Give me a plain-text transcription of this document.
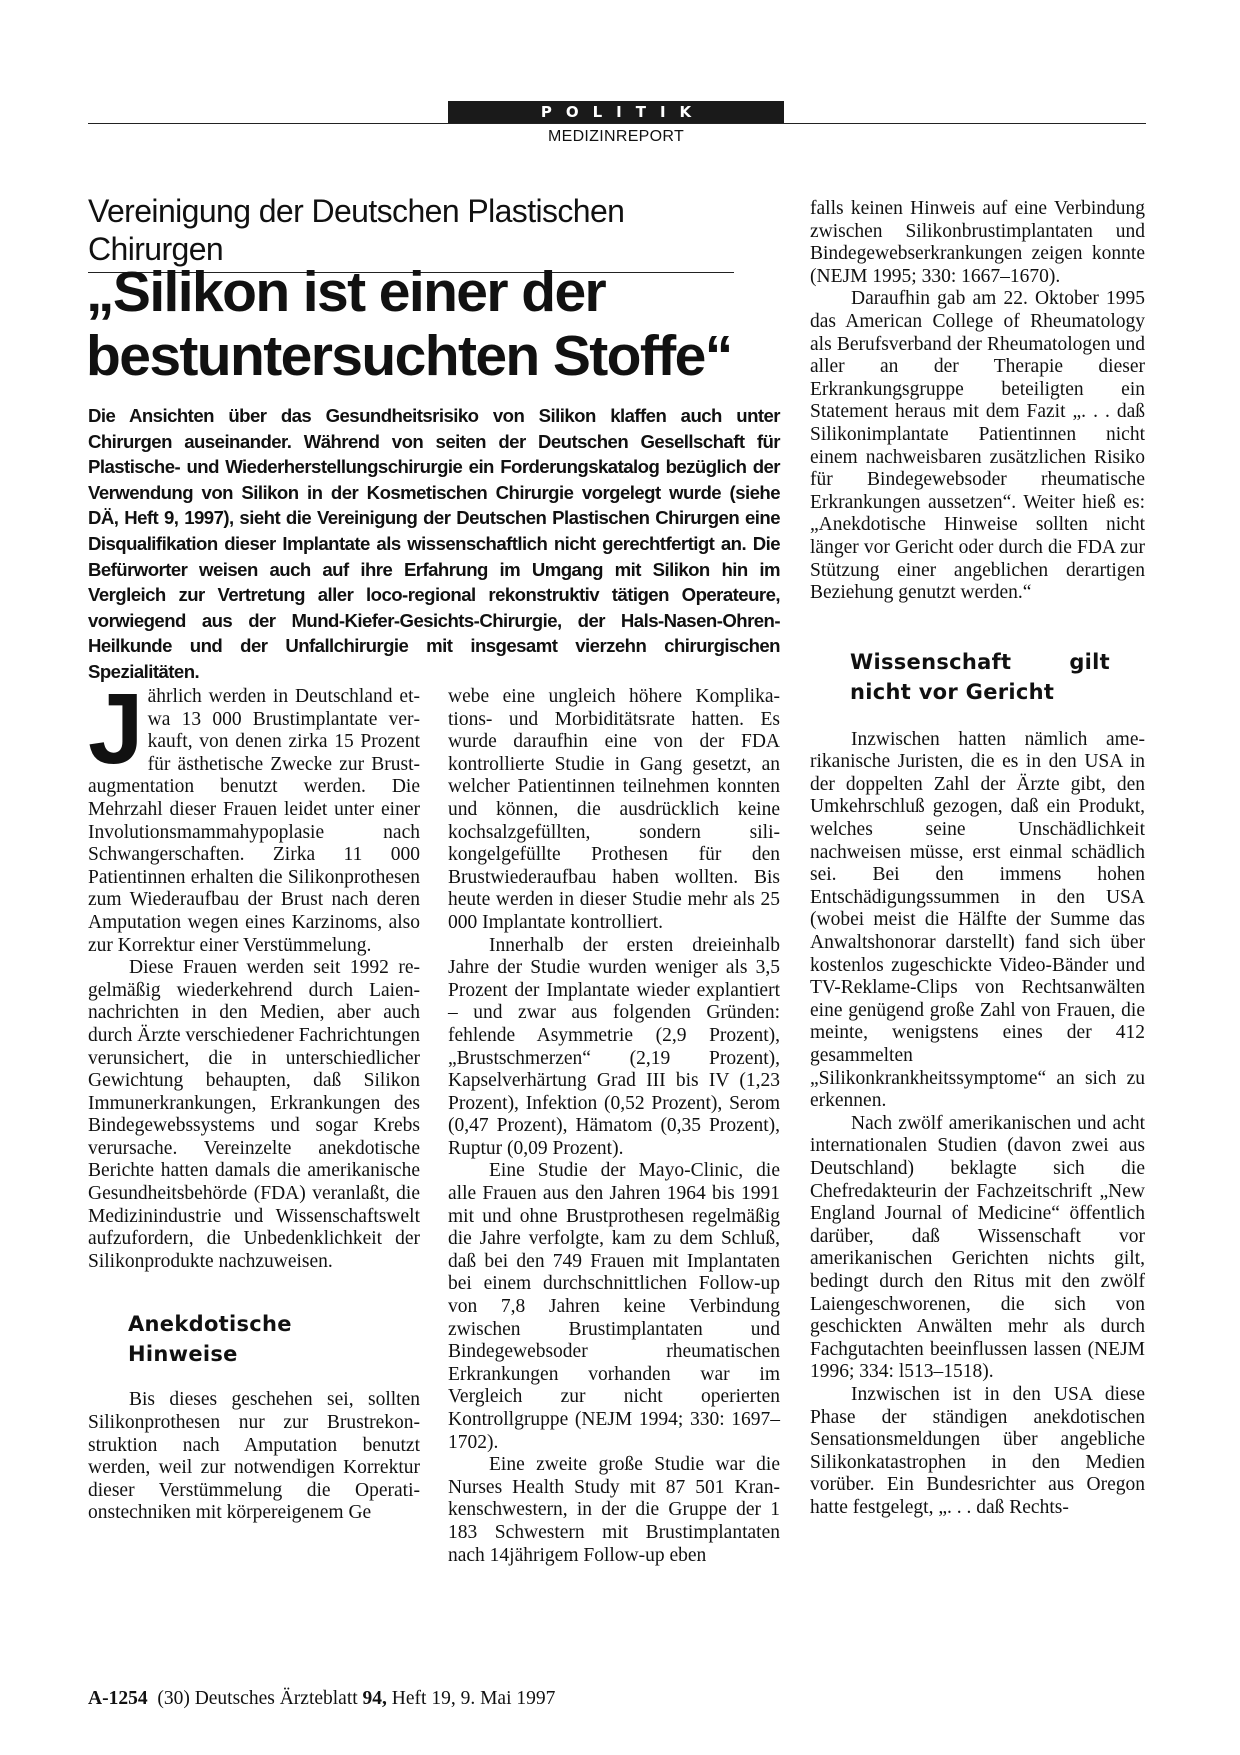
POLITIK
MEDIZINREPORT
Vereinigung der Deutschen Plastischen Chirurgen
„Silikon ist einer der bestuntersuchten Stoffe“

Die Ansichten über das Gesundheitsrisiko von Silikon klaffen auch unter Chirurgen auseinander. Während von seiten der Deutschen Gesellschaft für Plastische- und Wiederherstellungschirurgie ein Forderungskatalog bezüglich der Verwendung von Silikon in der Kosmetischen Chirurgie vorgelegt wurde (siehe DÄ, Heft 9, 1997), sieht die Vereinigung der Deutschen Plastischen Chirurgen eine Disqualifikation dieser Implantate als wissenschaftlich nicht gerechtfertigt an. Die Befürworter weisen auch auf ihre Erfahrung im Umgang mit Silikon hin im Vergleich zur Vertretung aller loco-regional rekonstruktiv tätigen Operateure, vorwiegend aus der Mund-Kiefer-Gesichts-Chirurgie, der Hals-Nasen-Ohren-Heilkunde und der Unfallchirurgie mit insgesamt vierzehn chirurgischen Spezialitäten.

J ährlich werden in Deutschland etwa 13 000 Brustimplantate verkauft, von denen zirka 15 Prozent für ästhetische Zwecke zur Brustaugmentation benutzt werden. Die Mehrzahl dieser Frauen leidet unter einer Involutionsmammahypoplasie nach Schwangerschaften. Zirka 11 000 Patientinnen erhalten die Silikonprothesen zum Wiederaufbau der Brust nach deren Amputation wegen eines Karzinoms, also zur Korrektur einer Verstümmelung.

Diese Frauen werden seit 1992 regelmäßig wiederkehrend durch Laiennachrichten in den Medien, aber auch durch Ärzte verschiedener Fachrichtungen verunsichert, die in unterschiedlicher Gewichtung behaupten, daß Silikon Immunerkrankungen, Erkrankungen des Bindegewebssystems und sogar Krebs verursache. Vereinzelte anekdotische Berichte hatten damals die amerikanische Gesundheitsbehörde (FDA) veranlaßt, die Medizinindustrie und Wissenschaftswelt aufzufordern, die Unbedenklichkeit der Silikonprodukte nachzuweisen.

Anekdotische Hinweise

Bis dieses geschehen sei, sollten Silikonprothesen nur zur Brustrekonstruktion nach Amputation benutzt werden, weil zur notwendigen Korrektur dieser Verstümmelung die Operationstechniken mit körpereigenem Ge

webe eine ungleich höhere Komplikations- und Morbiditätsrate hatten. Es wurde daraufhin eine von der FDA kontrollierte Studie in Gang gesetzt, an welcher Patientinnen teilnehmen konnten und können, die ausdrücklich keine kochsalzgefüllten, sondern silikongelgefüllte Prothesen für den Brustwiederaufbau haben wollten. Bis heute werden in dieser Studie mehr als 25 000 Implantate kontrolliert.

Innerhalb der ersten dreieinhalb Jahre der Studie wurden weniger als 3,5 Prozent der Implantate wieder explantiert – und zwar aus folgenden Gründen: fehlende Asymmetrie (2,9 Prozent), „Brustschmerzen“ (2,19 Prozent), Kapselverhärtung Grad III bis IV (1,23 Prozent), Infektion (0,52 Prozent), Serom (0,47 Prozent), Hämatom (0,35 Prozent), Ruptur (0,09 Prozent).

Eine Studie der Mayo-Clinic, die alle Frauen aus den Jahren 1964 bis 1991 mit und ohne Brustprothesen regelmäßig die Jahre verfolgte, kam zu dem Schluß, daß bei den 749 Frauen mit Implantaten bei einem durchschnittlichen Follow-up von 7,8 Jahren keine Verbindung zwischen Brustimplantaten und Bindegewebsoder rheumatischen Erkrankungen vorhanden war im Vergleich zur nicht operierten Kontrollgruppe (NEJM 1994; 330: 1697–1702).

Eine zweite große Studie war die Nurses Health Study mit 87 501 Krankenschwestern, in der die Gruppe der 1 183 Schwestern mit Brustimplantaten nach 14jährigem Follow-up eben

falls keinen Hinweis auf eine Verbindung zwischen Silikonbrustimplantaten und Bindegewebserkrankungen zeigen konnte (NEJM 1995; 330: 1667–1670).

Daraufhin gab am 22. Oktober 1995 das American College of Rheumatology als Berufsverband der Rheumatologen und aller an der Therapie dieser Erkrankungsgruppe beteiligten ein Statement heraus mit dem Fazit „. . . daß Silikonimplantate Patientinnen nicht einem nachweisbaren zusätzlichen Risiko für Bindegewebsoder rheumatische Erkrankungen aussetzen“. Weiter hieß es: „Anekdotische Hinweise sollten nicht länger vor Gericht oder durch die FDA zur Stützung einer angeblichen derartigen Beziehung genutzt werden.“

Wissenschaft gilt nicht vor Gericht

Inzwischen hatten nämlich amerikanische Juristen, die es in den USA in der doppelten Zahl der Ärzte gibt, den Umkehrschluß gezogen, daß ein Produkt, welches seine Unschädlichkeit nachweisen müsse, erst einmal schädlich sei. Bei den immens hohen Entschädigungssummen in den USA (wobei meist die Hälfte der Summe das Anwaltshonorar darstellt) fand sich über kostenlos zugeschickte Video-Bänder und TV-Reklame-Clips von Rechtsanwälten eine genügend große Zahl von Frauen, die meinte, wenigstens eines der 412 gesammelten „Silikonkrankheitssymptome“ an sich zu erkennen.

Nach zwölf amerikanischen und acht internationalen Studien (davon zwei aus Deutschland) beklagte sich die Chefredakteurin der Fachzeitschrift „New England Journal of Medicine“ öffentlich darüber, daß Wissenschaft vor amerikanischen Gerichten nichts gilt, bedingt durch den Ritus mit den zwölf Laiengeschworenen, die sich von geschickten Anwälten mehr als durch Fachgutachten beeinflussen lassen (NEJM 1996; 334: l513–1518).

Inzwischen ist in den USA diese Phase der ständigen anekdotischen Sensationsmeldungen über angebliche Silikonkatastrophen in den Medien vorüber. Ein Bundesrichter aus Oregon hatte festgelegt, „. . . daß Rechts-

A-1254 (30) Deutsches Ärzteblatt 94, Heft 19, 9. Mai 1997
